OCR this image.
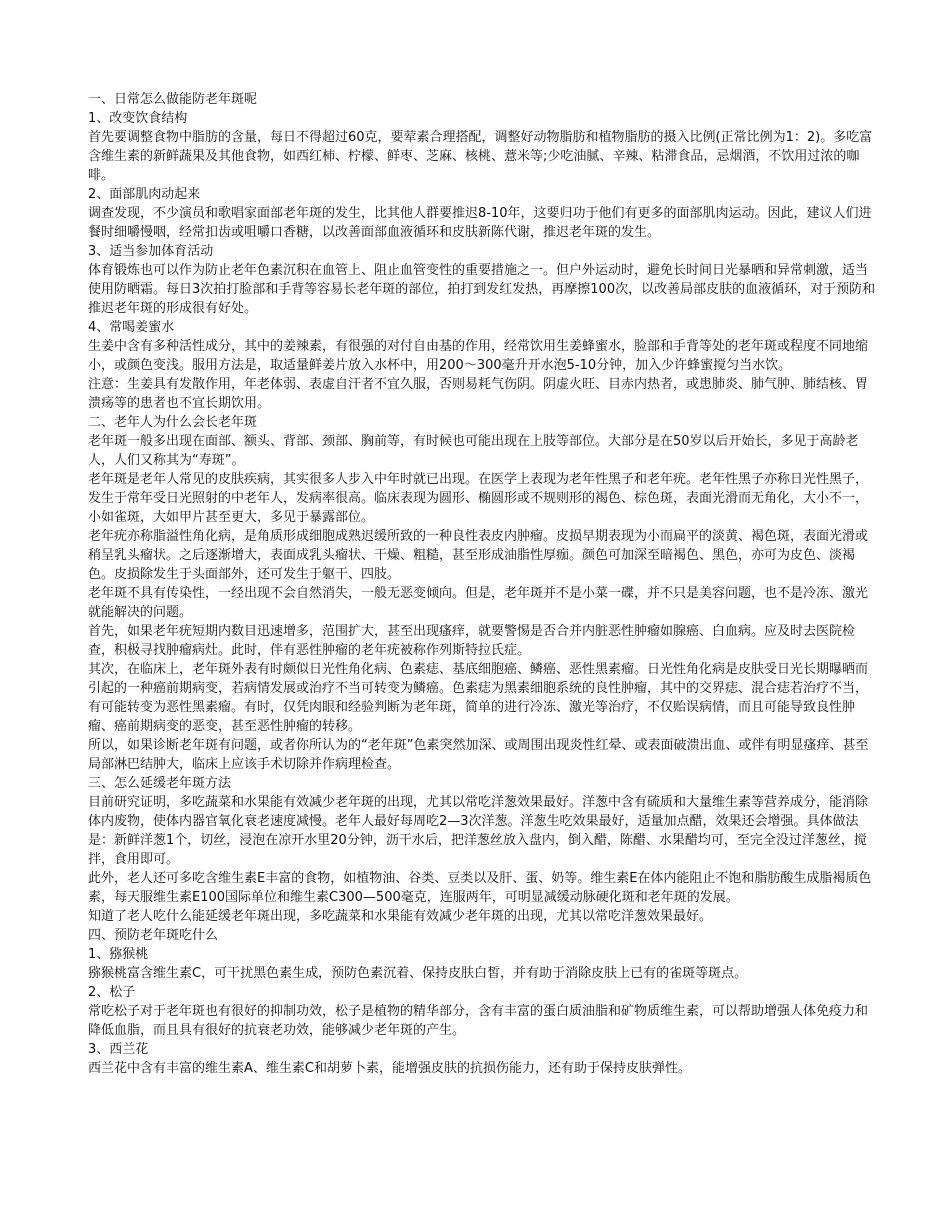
一、日常怎么做能防老年斑呢
1、改变饮食结构
首先要调整食物中脂肪的含量，每日不得超过60克，要荤素合理搭配，调整好动物脂肪和植物脂肪的摄入比例(正常比例为1：2)。多吃富含维生素的新鲜蔬果及其他食物，如西红柿、柠檬、鲜枣、芝麻、核桃、薏米等;少吃油腻、辛辣、粘滞食品，忌烟酒，不饮用过浓的咖啡。
2、面部肌肉动起来
调查发现，不少演员和歌唱家面部老年斑的发生，比其他人群要推迟8-10年，这要归功于他们有更多的面部肌肉运动。因此，建议人们进餐时细嚼慢咽，经常扣齿或咀嚼口香糖，以改善面部血液循环和皮肤新陈代谢，推迟老年斑的发生。
3、适当参加体育活动
体育锻炼也可以作为防止老年色素沉积在血管上、阻止血管变性的重要措施之一。但户外运动时，避免长时间日光暴晒和异常刺激，适当使用防晒霜。每日3次拍打脸部和手背等容易长老年斑的部位，拍打到发红发热，再摩擦100次，以改善局部皮肤的血液循环，对于预防和推迟老年斑的形成很有好处。
4、常喝姜蜜水
生姜中含有多种活性成分，其中的姜辣素，有很强的对付自由基的作用，经常饮用生姜蜂蜜水，脸部和手背等处的老年斑或程度不同地缩小，或颜色变浅。服用方法是，取适量鲜姜片放入水杯中，用200～300毫升开水泡5-10分钟，加入少许蜂蜜搅匀当水饮。
注意：生姜具有发散作用，年老体弱、表虚自汗者不宜久服，否则易耗气伤阴。阴虚火旺、目赤内热者，或患肺炎、肺气肿、肺结核、胃溃疡等的患者也不宜长期饮用。
二、老年人为什么会长老年斑
老年斑一般多出现在面部、额头、背部、颈部、胸前等，有时候也可能出现在上肢等部位。大部分是在50岁以后开始长，多见于高龄老人，人们又称其为“寿斑”。
老年斑是老年人常见的皮肤疾病，其实很多人步入中年时就已出现。在医学上表现为老年性黑子和老年疣。老年性黑子亦称日光性黑子，发生于常年受日光照射的中老年人，发病率很高。临床表现为圆形、椭圆形或不规则形的褐色、棕色斑，表面光滑而无角化，大小不一，小如雀斑，大如甲片甚至更大，多见于暴露部位。
老年疣亦称脂溢性角化病，是角质形成细胞成熟迟缓所致的一种良性表皮内肿瘤。皮损早期表现为小而扁平的淡黄、褐色斑，表面光滑或稍呈乳头瘤状。之后逐渐增大，表面成乳头瘤状、干燥、粗糙，甚至形成油脂性厚痂。颜色可加深至暗褐色、黑色，亦可为皮色、淡褐色。皮损除发生于头面部外，还可发生于躯干、四肢。
老年斑不具有传染性，一经出现不会自然消失，一般无恶变倾向。但是，老年斑并不是小菜一碟，并不只是美容问题，也不是冷冻、激光就能解决的问题。
首先，如果老年疣短期内数目迅速增多，范围扩大，甚至出现瘙痒，就要警惕是否合并内脏恶性肿瘤如腺癌、白血病。应及时去医院检查，积极寻找肿瘤病灶。此时，伴有恶性肿瘤的老年疣被称作列斯特拉氏症。
其次，在临床上，老年斑外表有时颇似日光性角化病、色素痣、基底细胞癌、鳞癌、恶性黑素瘤。日光性角化病是皮肤受日光长期曝晒而引起的一种癌前期病变，若病情发展或治疗不当可转变为鳞癌。色素痣为黑素细胞系统的良性肿瘤，其中的交界痣、混合痣若治疗不当，有可能转变为恶性黑素瘤。有时，仅凭肉眼和经验判断为老年斑，简单的进行冷冻、激光等治疗，不仅贻误病情，而且可能导致良性肿瘤、癌前期病变的恶变，甚至恶性肿瘤的转移。
所以，如果诊断老年斑有问题，或者你所认为的“老年斑”色素突然加深、或周围出现炎性红晕、或表面破溃出血、或伴有明显瘙痒、甚至局部淋巴结肿大，临床上应该手术切除并作病理检查。
三、怎么延缓老年斑方法
目前研究证明，多吃蔬菜和水果能有效减少老年斑的出现，尤其以常吃洋葱效果最好。洋葱中含有硫质和大量维生素等营养成分，能消除体内废物，使体内器官氧化衰老速度减慢。老年人最好每周吃2—3次洋葱。洋葱生吃效果最好，适量加点醋，效果还会增强。具体做法是：新鲜洋葱1个，切丝，浸泡在凉开水里20分钟，沥干水后，把洋葱丝放入盘内，倒入醋，陈醋、水果醋均可，至完全没过洋葱丝，搅拌，食用即可。
此外，老人还可多吃含维生素E丰富的食物，如植物油、谷类、豆类以及肝、蛋、奶等。维生素E在体内能阻止不饱和脂肪酸生成脂褐质色素，每天服维生素E100国际单位和维生素C300—500毫克，连服两年，可明显减缓动脉硬化斑和老年斑的发展。
知道了老人吃什么能延缓老年斑出现，多吃蔬菜和水果能有效减少老年斑的出现，尤其以常吃洋葱效果最好。
四、预防老年斑吃什么
1、猕猴桃
猕猴桃富含维生素C，可干扰黑色素生成，预防色素沉着、保持皮肤白皙，并有助于消除皮肤上已有的雀斑等斑点。
2、松子
常吃松子对于老年斑也有很好的抑制功效，松子是植物的精华部分，含有丰富的蛋白质油脂和矿物质维生素，可以帮助增强人体免疫力和降低血脂，而且具有很好的抗衰老功效，能够减少老年斑的产生。
3、西兰花
西兰花中含有丰富的维生素A、维生素C和胡萝卜素，能增强皮肤的抗损伤能力，还有助于保持皮肤弹性。
